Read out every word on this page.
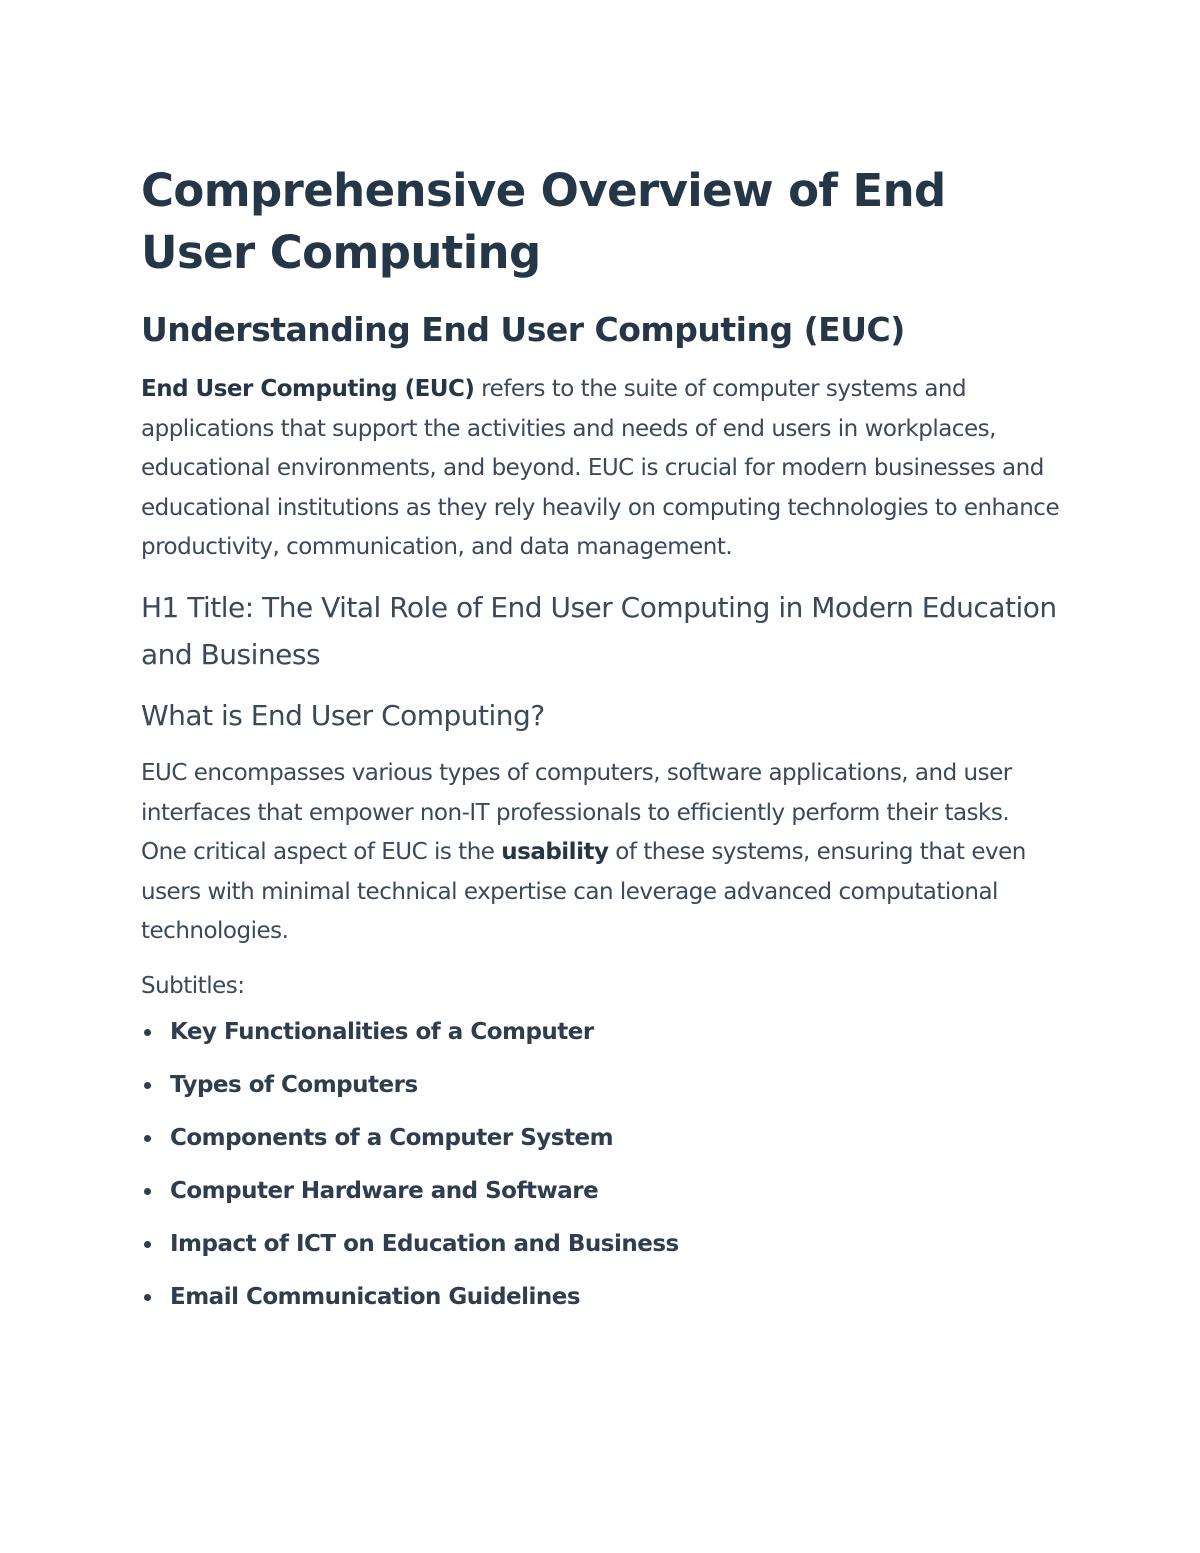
Comprehensive Overview of End User Computing
Understanding End User Computing (EUC)

End User Computing (EUC) refers to the suite of computer systems and applications that support the activities and needs of end users in workplaces, educational environments, and beyond. EUC is crucial for modern businesses and educational institutions as they rely heavily on computing technologies to enhance productivity, communication, and data management.

H1 Title: The Vital Role of End User Computing in Modern Education and Business
What is End User Computing?

EUC encompasses various types of computers, software applications, and user interfaces that empower non-IT professionals to efficiently perform their tasks. One critical aspect of EUC is the usability of these systems, ensuring that even users with minimal technical expertise can leverage advanced computational technologies.

Subtitles:

Key Functionalities of a Computer
Types of Computers
Components of a Computer System
Computer Hardware and Software
Impact of ICT on Education and Business
Email Communication Guidelines
